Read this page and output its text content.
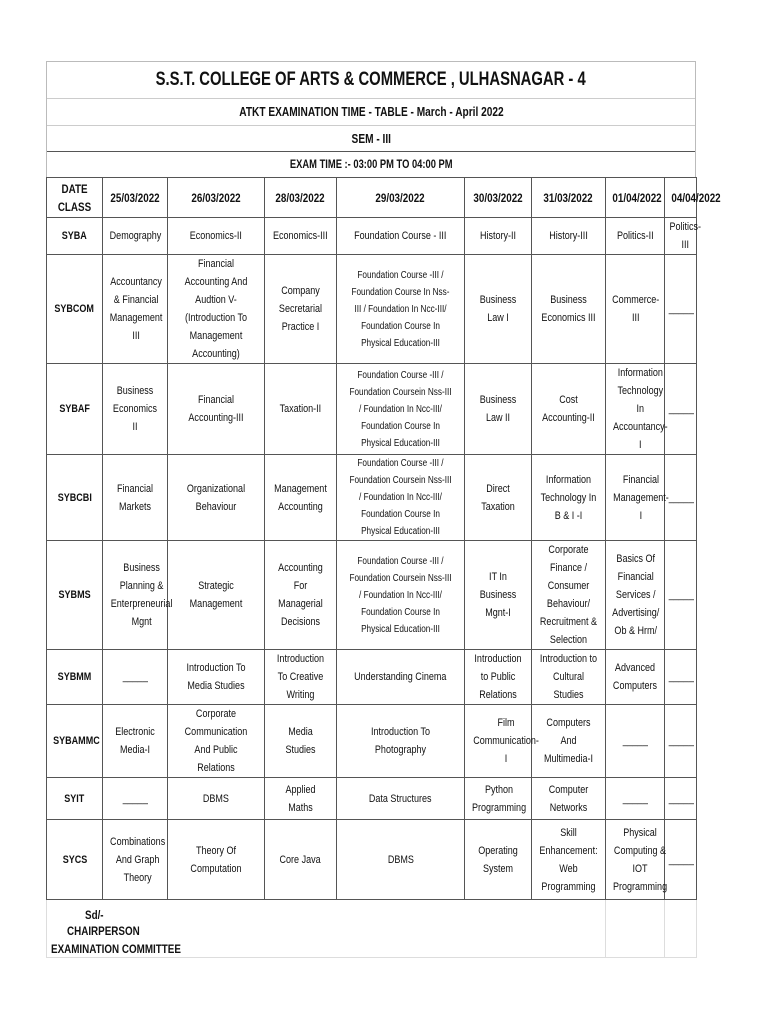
S.S.T. COLLEGE OF ARTS & COMMERCE , ULHASNAGAR - 4
ATKT EXAMINATION TIME - TABLE - March - April 2022
SEM - III
EXAM TIME :- 03:00 PM TO 04:00 PM
DATE
CLASS	25/03/2022	26/03/2022	28/03/2022	29/03/2022	30/03/2022	31/03/2022	01/04/2022	04/04/2022
SYBA	Demography	Economics-II	Economics-III	Foundation Course - III	History-II	History-III	Politics-II	Politics-III
SYBCOM	Accountancy & Financial Management III	Financial Accounting And Audtion V-(Introduction To Management Accounting)	Company Secretarial Practice I	Foundation Course -III / Foundation Course In Nss-III / Foundation In Ncc-III/ Foundation Course In Physical Education-III	Business Law I	Business Economics III	Commerce-III	_____
SYBAF	Business Economics II	Financial Accounting-III	Taxation-II	Foundation Course -III / Foundation Coursein Nss-III / Foundation In Ncc-III/ Foundation Course In Physical Education-III	Business Law II	Cost Accounting-II	Information Technology In Accountancy-I	_____
SYBCBI	Financial Markets	Organizational Behaviour	Management Accounting	Foundation Course -III / Foundation Coursein Nss-III / Foundation In Ncc-III/ Foundation Course In Physical Education-III	Direct Taxation	Information Technology In B & I -I	Financial Management-I	_____
SYBMS	Business Planning & Enterpreneurial Mgnt	Strategic Management	Accounting For Managerial Decisions	Foundation Course -III / Foundation Coursein Nss-III / Foundation In Ncc-III/ Foundation Course In Physical Education-III	IT In Business Mgnt-I	Corporate Finance / Consumer Behaviour/ Recruitment & Selection	Basics Of Financial Services / Advertising/ Ob & Hrm/	_____
SYBMM	_____	Introduction To Media Studies	Introduction To Creative Writing	Understanding Cinema	Introduction to Public Relations	Introduction to Cultural Studies	Advanced Computers	_____
SYBAMMC	Electronic Media-I	Corporate Communication And Public Relations	Media Studies	Introduction To Photography	Film Communication-I	Computers And Multimedia-I	_____	_____
SYIT	_____	DBMS	Applied Maths	Data Structures	Python Programming	Computer Networks	_____	_____
SYCS	Combinations And Graph Theory	Theory Of Computation	Core Java	DBMS	Operating System	Skill Enhancement: Web Programming	Physical Computing & IOT Programming	_____

Sd/-
CHAIRPERSON
EXAMINATION COMMITTEE								
